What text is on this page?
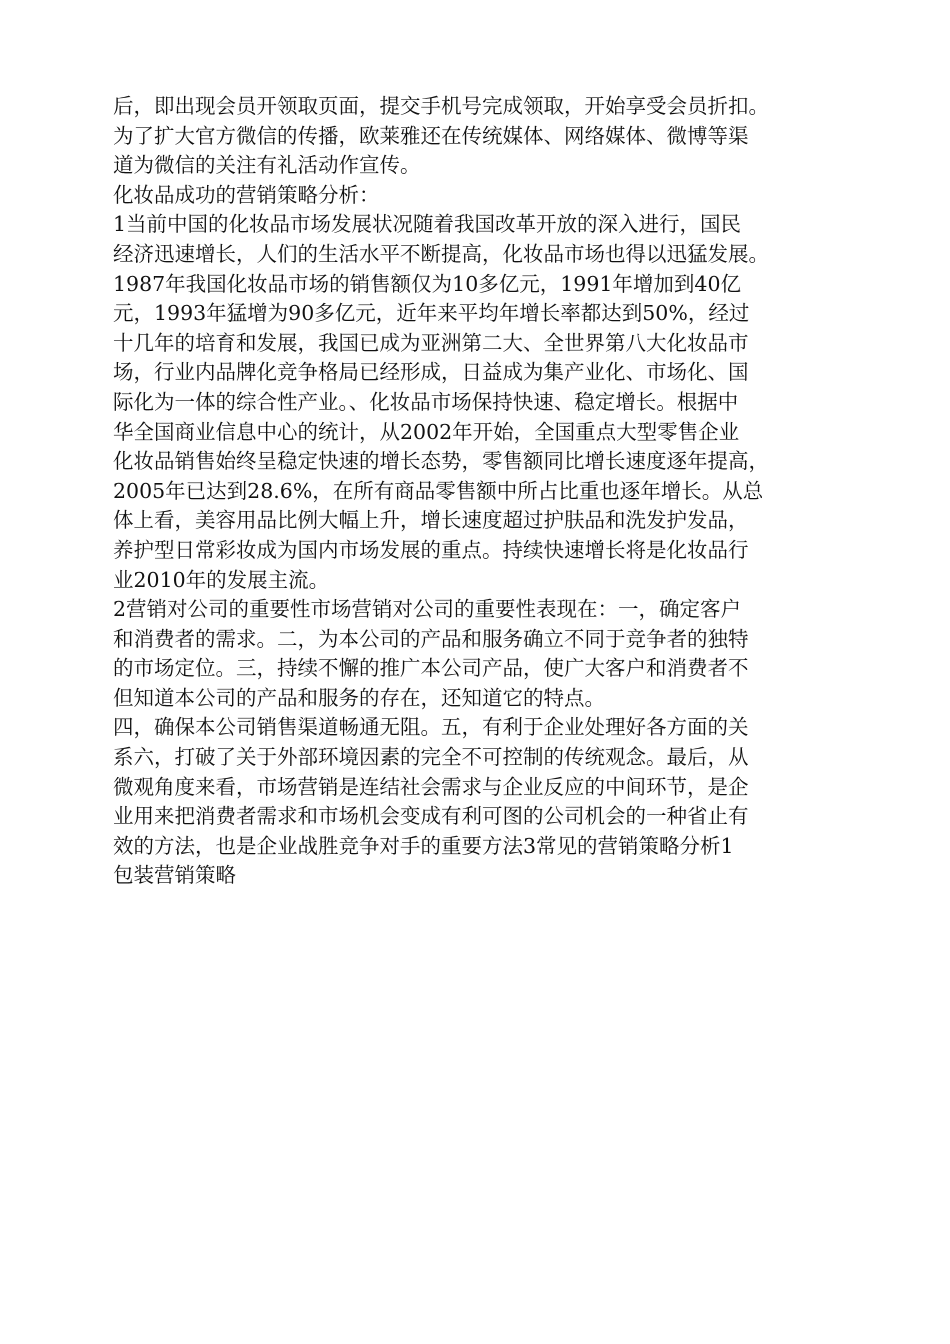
后，即出现会员开领取页面，提交手机号完成领取，开始享受会员折扣。
为了扩大官方微信的传播，欧莱雅还在传统媒体、网络媒体、微博等渠
道为微信的关注有礼活动作宣传。
化妆品成功的营销策略分析：
1当前中国的化妆品市场发展状况随着我国改革开放的深入进行，国民
经济迅速增长，人们的生活水平不断提高，化妆品市场也得以迅猛发展。
1987年我国化妆品市场的销售额仅为10多亿元，1991年增加到40亿
元，1993年猛增为90多亿元，近年来平均年增长率都达到50%，经过
十几年的培育和发展，我国已成为亚洲第二大、全世界第八大化妆品市
场，行业内品牌化竞争格局已经形成，日益成为集产业化、市场化、国
际化为一体的综合性产业。、化妆品市场保持快速、稳定增长。根据中
华全国商业信息中心的统计，从2002年开始，全国重点大型零售企业
化妆品销售始终呈稳定快速的增长态势，零售额同比增长速度逐年提高，
2005年已达到28.6%，在所有商品零售额中所占比重也逐年增长。从总
体上看，美容用品比例大幅上升，增长速度超过护肤品和洗发护发品，
养护型日常彩妆成为国内市场发展的重点。持续快速增长将是化妆品行
业2010年的发展主流。
2营销对公司的重要性市场营销对公司的重要性表现在：一，确定客户
和消费者的需求。二，为本公司的产品和服务确立不同于竞争者的独特
的市场定位。三，持续不懈的推广本公司产品，使广大客户和消费者不
但知道本公司的产品和服务的存在，还知道它的特点。
四，确保本公司销售渠道畅通无阻。五，有利于企业处理好各方面的关
系六，打破了关于外部环境因素的完全不可控制的传统观念。最后，从
微观角度来看，市场营销是连结社会需求与企业反应的中间环节，是企
业用来把消费者需求和市场机会变成有利可图的公司机会的一种省止有
效的方法，也是企业战胜竞争对手的重要方法3常见的营销策略分析1
包装营销策略
